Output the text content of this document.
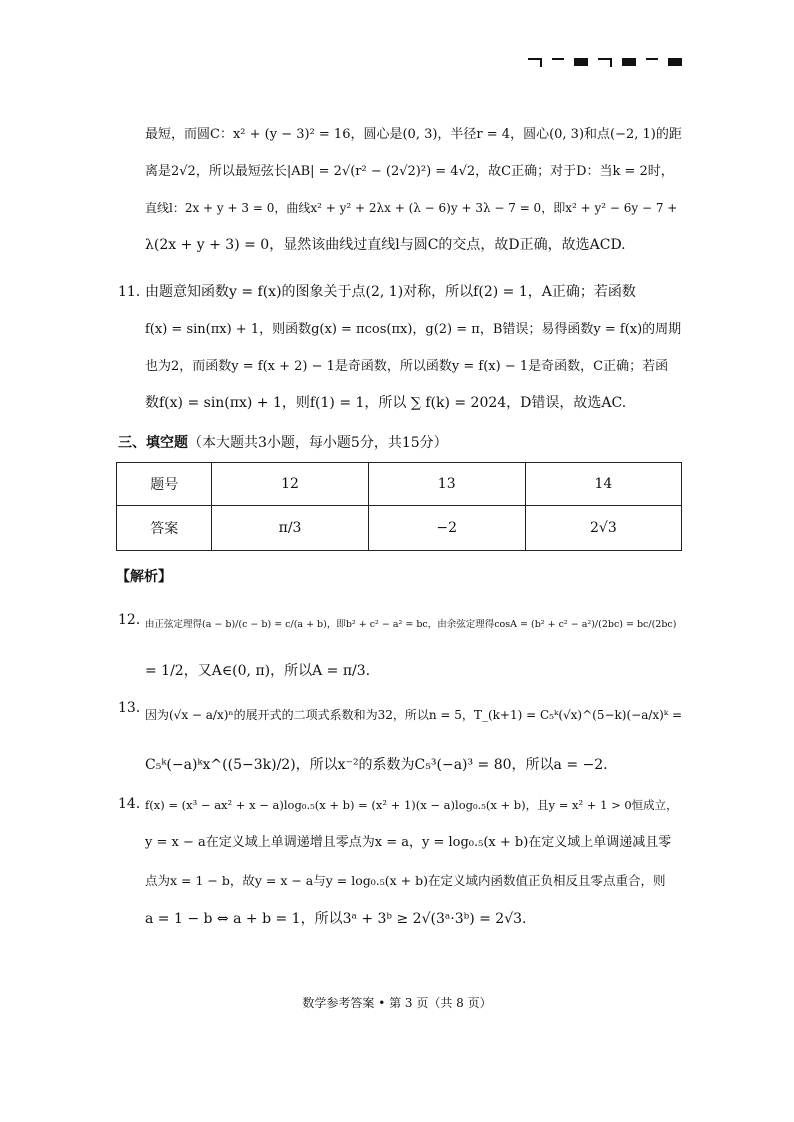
最短，而圆C：x² + (y − 3)² = 16，圆心是(0, 3)，半径r = 4，圆心(0, 3)和点(−2, 1)的距
离是2√2，所以最短弦长|AB| = 2√(r² − (2√2)²) = 4√2，故C正确；对于D：当k = 2时，
直线l：2x + y + 3 = 0，曲线x² + y² + 2λx + (λ − 6)y + 3λ − 7 = 0，即x² + y² − 6y − 7 +
λ(2x + y + 3) = 0，显然该曲线过直线l与圆C的交点，故D正确，故选ACD.
11．
由题意知函数y = f(x)的图象关于点(2, 1)对称，所以f(2) = 1，A正确；若函数
f(x) = sin(πx) + 1，则函数g(x) = πcos(πx)，g(2) = π，B错误；易得函数y = f(x)的周期
也为2，而函数y = f(x + 2) − 1是奇函数，所以函数y = f(x) − 1是奇函数，C正确；若函
数f(x) = sin(πx) + 1，则f(1) = 1，所以 ∑ f(k) = 2024，D错误，故选AC.
三、填空题（本大题共3小题，每小题5分，共15分）
题号	12	13	14
答案	π/3	−2	2√3
【解析】
12．
由正弦定理得(a − b)/(c − b) = c/(a + b)，即b² + c² − a² = bc，由余弦定理得cosA = (b² + c² − a²)/(2bc) = bc/(2bc)
= 1/2，又A∈(0, π)，所以A = π/3.
13．
因为(√x − a/x)ⁿ的展开式的二项式系数和为32，所以n = 5，T_(k+1) = C₅ᵏ(√x)^(5−k)(−a/x)ᵏ =
C₅ᵏ(−a)ᵏx^((5−3k)/2)，所以x⁻²的系数为C₅³(−a)³ = 80，所以a = −2.
14．
f(x) = (x³ − ax² + x − a)log₀.₅(x + b) = (x² + 1)(x − a)log₀.₅(x + b)，且y = x² + 1 > 0恒成立，
y = x − a在定义域上单调递增且零点为x = a，y = log₀.₅(x + b)在定义域上单调递减且零
点为x = 1 − b，故y = x − a与y = log₀.₅(x + b)在定义域内函数值正负相反且零点重合，则
a = 1 − b ⇔ a + b = 1，所以3ᵃ + 3ᵇ ≥ 2√(3ᵃ·3ᵇ) = 2√3.
数学参考答案 • 第 3 页（共 8 页）
